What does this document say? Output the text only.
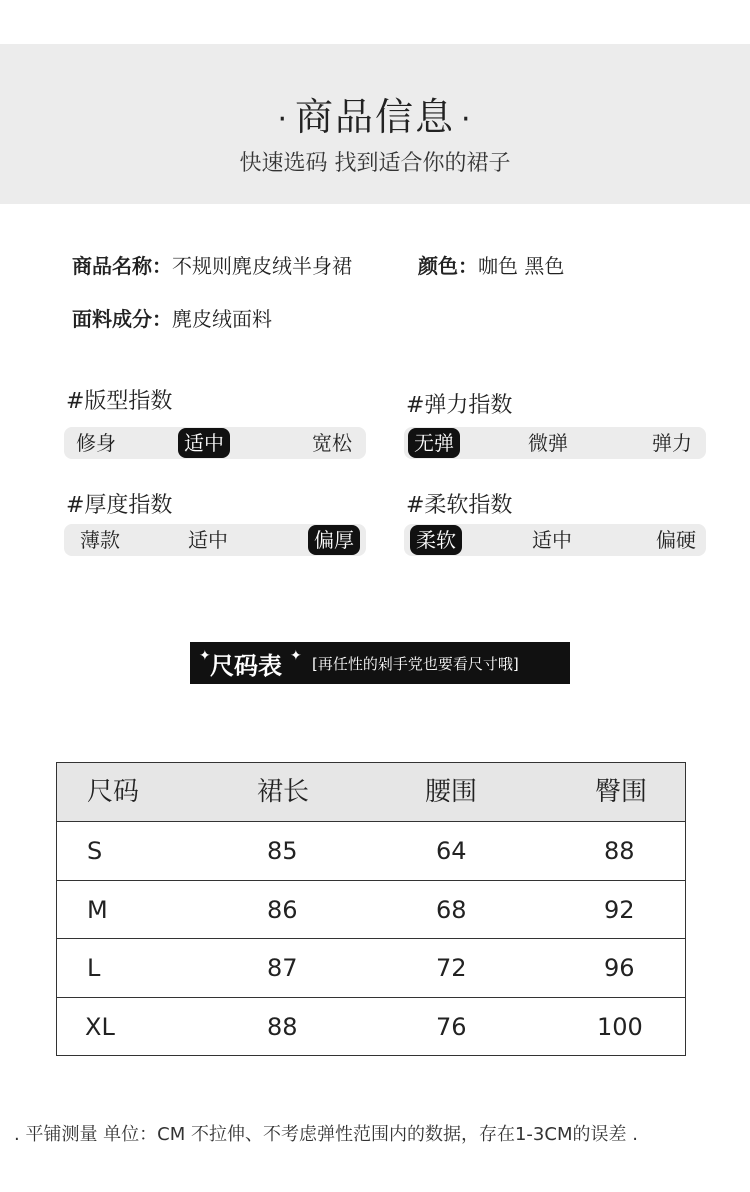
· 商品信息 ·
快速选码 找到适合你的裙子
商品名称：不规则麂皮绒半身裙	颜色：咖色 黑色
面料成分：麂皮绒面料
#版型指数
修身	适中	宽松
#弹力指数
无弹	微弹	弹力
#厚度指数
薄款	适中	偏厚
#柔软指数
柔软	适中	偏硬
✦ 尺码表 ✦ [再任性的剁手党也要看尺寸哦]
尺码	裙长	腰围	臀围
S	85	64	88
M	86	68	92
L	87	72	96
XL	88	76	100
. 平铺测量 单位：CM 不拉伸、不考虑弹性范围内的数据，存在1-3CM的误差 .
